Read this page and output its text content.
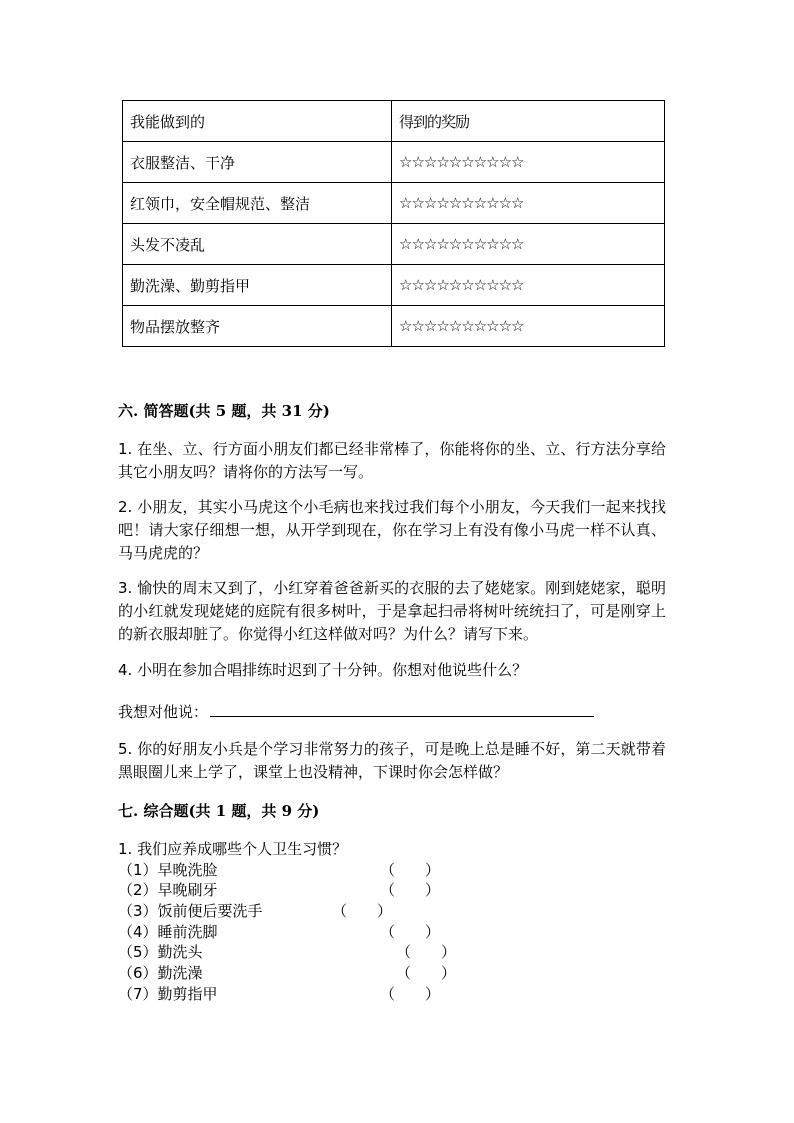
我能做到的	得到的奖励
衣服整洁、干净	☆☆☆☆☆☆☆☆☆☆
红领巾，安全帽规范、整洁	☆☆☆☆☆☆☆☆☆☆
头发不凌乱	☆☆☆☆☆☆☆☆☆☆
勤洗澡、勤剪指甲	☆☆☆☆☆☆☆☆☆☆
物品摆放整齐	☆☆☆☆☆☆☆☆☆☆
六. 简答题(共 5 题，共 31 分)
1. 在坐、立、行方面小朋友们都已经非常棒了，你能将你的坐、立、行方法分享给其它小朋友吗？请将你的方法写一写。
2. 小朋友，其实小马虎这个小毛病也来找过我们每个小朋友，今天我们一起来找找吧！请大家仔细想一想，从开学到现在，你在学习上有没有像小马虎一样不认真、马马虎虎的？
3. 愉快的周末又到了，小红穿着爸爸新买的衣服的去了姥姥家。刚到姥姥家，聪明的小红就发现姥姥的庭院有很多树叶，于是拿起扫帚将树叶统统扫了，可是刚穿上的新衣服却脏了。你觉得小红这样做对吗？为什么？请写下来。
4. 小明在参加合唱排练时迟到了十分钟。你想对他说些什么？
我想对他说：
5. 你的好朋友小兵是个学习非常努力的孩子，可是晚上总是睡不好，第二天就带着黑眼圈儿来上学了，课堂上也没精神，下课时你会怎样做？
七. 综合题(共 1 题，共 9 分)
1. 我们应养成哪些个人卫生习惯？
（1）早晚洗脸	（　　）
（2）早晚刷牙	（　　）
（3）饭前便后要洗手	（　　）
（4）睡前洗脚	（　　）
（5）勤洗头	（　　）
（6）勤洗澡	（　　）
（7）勤剪指甲	（　　）
